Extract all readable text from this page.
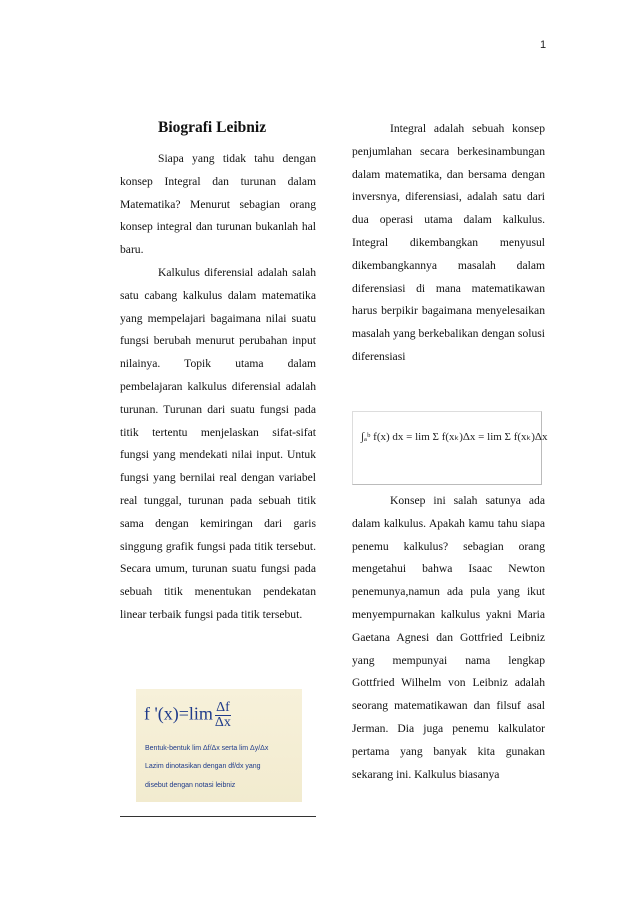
1
Biografi Leibniz

Siapa yang tidak tahu dengan konsep Integral dan turunan dalam Matematika? Menurut sebagian orang konsep integral dan turunan bukanlah hal baru.

Kalkulus diferensial adalah salah satu cabang kalkulus dalam matematika yang mempelajari bagaimana nilai suatu fungsi berubah menurut perubahan input nilainya. Topik utama dalam pembelajaran kalkulus diferensial adalah turunan. Turunan dari suatu fungsi pada titik tertentu menjelaskan sifat-sifat fungsi yang mendekati nilai input. Untuk fungsi yang bernilai real dengan variabel real tunggal, turunan pada sebuah titik sama dengan kemiringan dari garis singgung grafik fungsi pada titik tersebut. Secara umum, turunan suatu fungsi pada sebuah titik menentukan pendekatan linear terbaik fungsi pada titik tersebut.

f '$(x)=\lim \frac{\Delta f}{\Delta x}$
Bentuk-bentuk lim Δf/Δx serta lim Δy/Δx
Lazim dinotasikan dengan df/dx yang
disebut dengan notasi leibniz

Integral adalah sebuah konsep penjumlahan secara berkesinambungan dalam matematika, dan bersama dengan inversnya, diferensiasi, adalah satu dari dua operasi utama dalam kalkulus. Integral dikembangkan menyusul dikembangkannya masalah dalam diferensiasi di mana matematikawan harus berpikir bagaimana menyelesaikan masalah yang berkebalikan dengan solusi diferensiasi

∫ₐᵇ f(x) dx = lim Σ f(xₖ)Δx = lim Σ f(xₖ)Δx

Konsep ini salah satunya ada dalam kalkulus. Apakah kamu tahu siapa penemu kalkulus? sebagian orang mengetahui bahwa Isaac Newton penemunya,namun ada pula yang ikut menyempurnakan kalkulus yakni Maria Gaetana Agnesi dan Gottfried Leibniz yang mempunyai nama lengkap Gottfried Wilhelm von Leibniz adalah seorang matematikawan dan filsuf asal Jerman. Dia juga penemu kalkulator pertama yang banyak kita gunakan sekarang ini. Kalkulus biasanya
